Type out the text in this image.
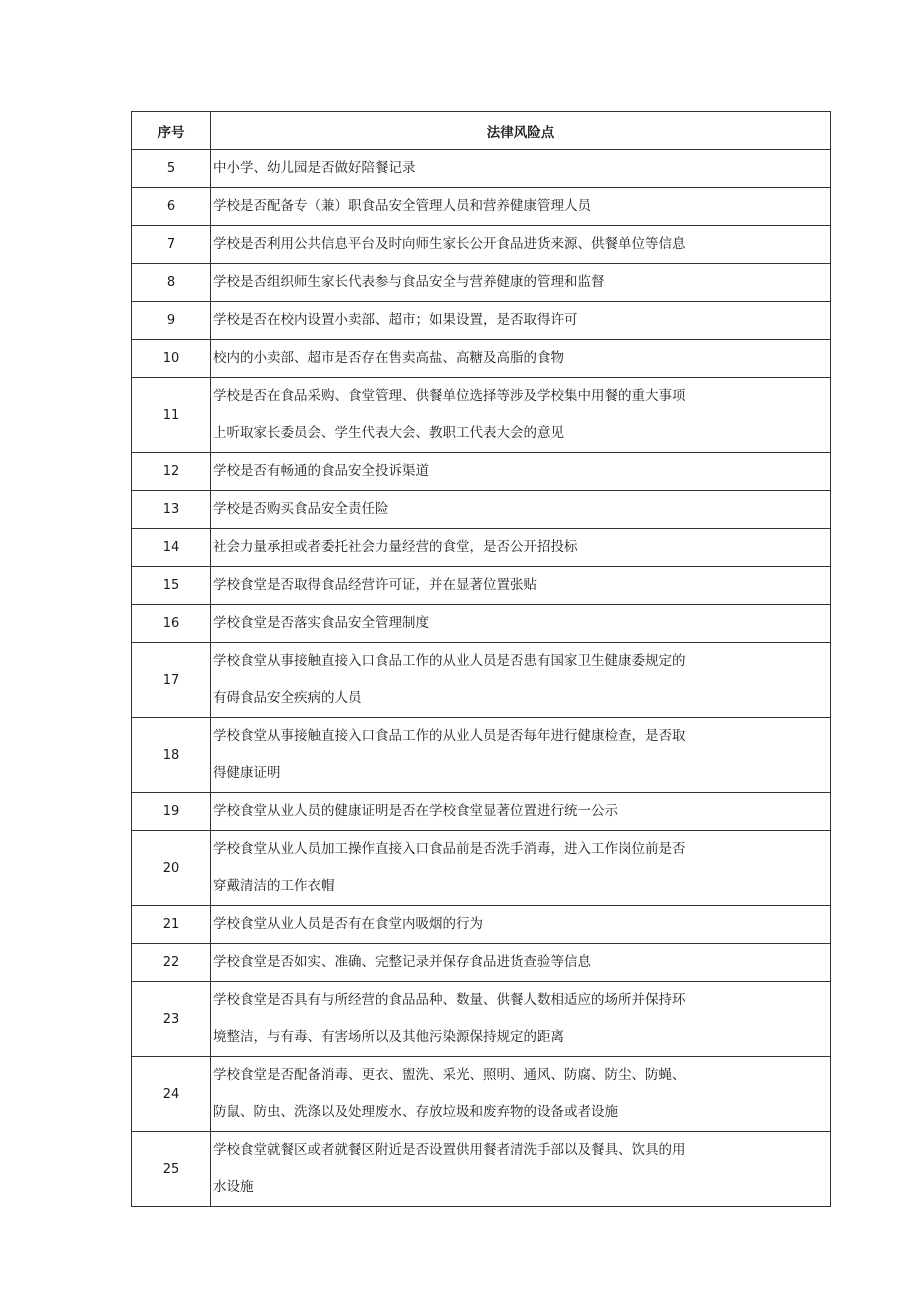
序号	法律风险点
5	中小学、幼儿园是否做好陪餐记录
6	学校是否配备专（兼）职食品安全管理人员和营养健康管理人员
7	学校是否利用公共信息平台及时向师生家长公开食品进货来源、供餐单位等信息
8	学校是否组织师生家长代表参与食品安全与营养健康的管理和监督
9	学校是否在校内设置小卖部、超市；如果设置，是否取得许可
10	校内的小卖部、超市是否存在售卖高盐、高糖及高脂的食物
11	学校是否在食品采购、食堂管理、供餐单位选择等涉及学校集中用餐的重大事项
上听取家长委员会、学生代表大会、教职工代表大会的意见
12	学校是否有畅通的食品安全投诉渠道
13	学校是否购买食品安全责任险
14	社会力量承担或者委托社会力量经营的食堂，是否公开招投标
15	学校食堂是否取得食品经营许可证，并在显著位置张贴
16	学校食堂是否落实食品安全管理制度
17	学校食堂从事接触直接入口食品工作的从业人员是否患有国家卫生健康委规定的
有碍食品安全疾病的人员
18	学校食堂从事接触直接入口食品工作的从业人员是否每年进行健康检查，是否取
得健康证明
19	学校食堂从业人员的健康证明是否在学校食堂显著位置进行统一公示
20	学校食堂从业人员加工操作直接入口食品前是否洗手消毒，进入工作岗位前是否
穿戴清洁的工作衣帽
21	学校食堂从业人员是否有在食堂内吸烟的行为
22	学校食堂是否如实、准确、完整记录并保存食品进货查验等信息
23	学校食堂是否具有与所经营的食品品种、数量、供餐人数相适应的场所并保持环
境整洁，与有毒、有害场所以及其他污染源保持规定的距离
24	学校食堂是否配备消毒、更衣、盥洗、采光、照明、通风、防腐、防尘、防蝇、
防鼠、防虫、洗涤以及处理废水、存放垃圾和废弃物的设备或者设施
25	学校食堂就餐区或者就餐区附近是否设置供用餐者清洗手部以及餐具、饮具的用
水设施
